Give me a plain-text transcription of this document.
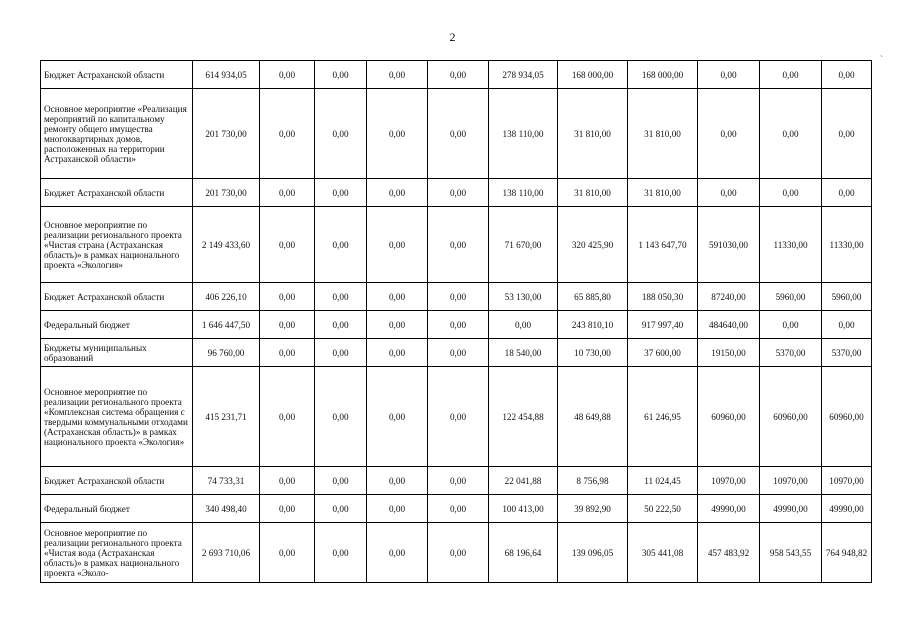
2
ˎ
Бюджет Астраханской области	614 934,05	0,00	0,00	0,00	0,00	278 934,05	168 000,00	168 000,00	0,00	0,00	0,00
Основное мероприятие «Реализация мероприятий по капитальному ремонту общего имущества многоквартирных домов, расположенных на территории Астраханской области»	201 730,00	0,00	0,00	0,00	0,00	138 110,00	31 810,00	31 810,00	0,00	0,00	0,00
Бюджет Астраханской области	201 730,00	0,00	0,00	0,00	0,00	138 110,00	31 810,00	31 810,00	0,00	0,00	0,00
Основное мероприятие по реализации регионального проекта «Чистая страна (Астраханская область)» в рамках национального проекта «Экология»	2 149 433,60	0,00	0,00	0,00	0,00	71 670,00	320 425,90	1 143 647,70	591030,00	11330,00	11330,00
Бюджет Астраханской области	406 226,10	0,00	0,00	0,00	0,00	53 130,00	65 885,80	188 050,30	87240,00	5960,00	5960,00
Федеральный бюджет	1 646 447,50	0,00	0,00	0,00	0,00	0,00	243 810,10	917 997,40	484640,00	0,00	0,00
Бюджеты муниципальных образований	96 760,00	0,00	0,00	0,00	0,00	18 540,00	10 730,00	37 600,00	19150,00	5370,00	5370,00
Основное мероприятие по реализации регионального проекта «Комплексная система обращения с твердыми коммунальными отходами (Астраханская область)» в рамках национального проекта «Экология»	415 231,71	0,00	0,00	0,00	0,00	122 454,88	48 649,88	61 246,95	60960,00	60960,00	60960,00
Бюджет Астраханской области	74 733,31	0,00	0,00	0,00	0,00	22 041,88	8 756,98	11 024,45	10970,00	10970,00	10970,00
Федеральный бюджет	340 498,40	0,00	0,00	0,00	0,00	100 413,00	39 892,90	50 222,50	49990,00	49990,00	49990,00
Основное мероприятие по реализации регионального проекта «Чистая вода (Астраханская область)» в рамках национального проекта «Эколо-	2 693 710,06	0,00	0,00	0,00	0,00	68 196,64	139 096,05	305 441,08	457 483,92	958 543,55	764 948,82
